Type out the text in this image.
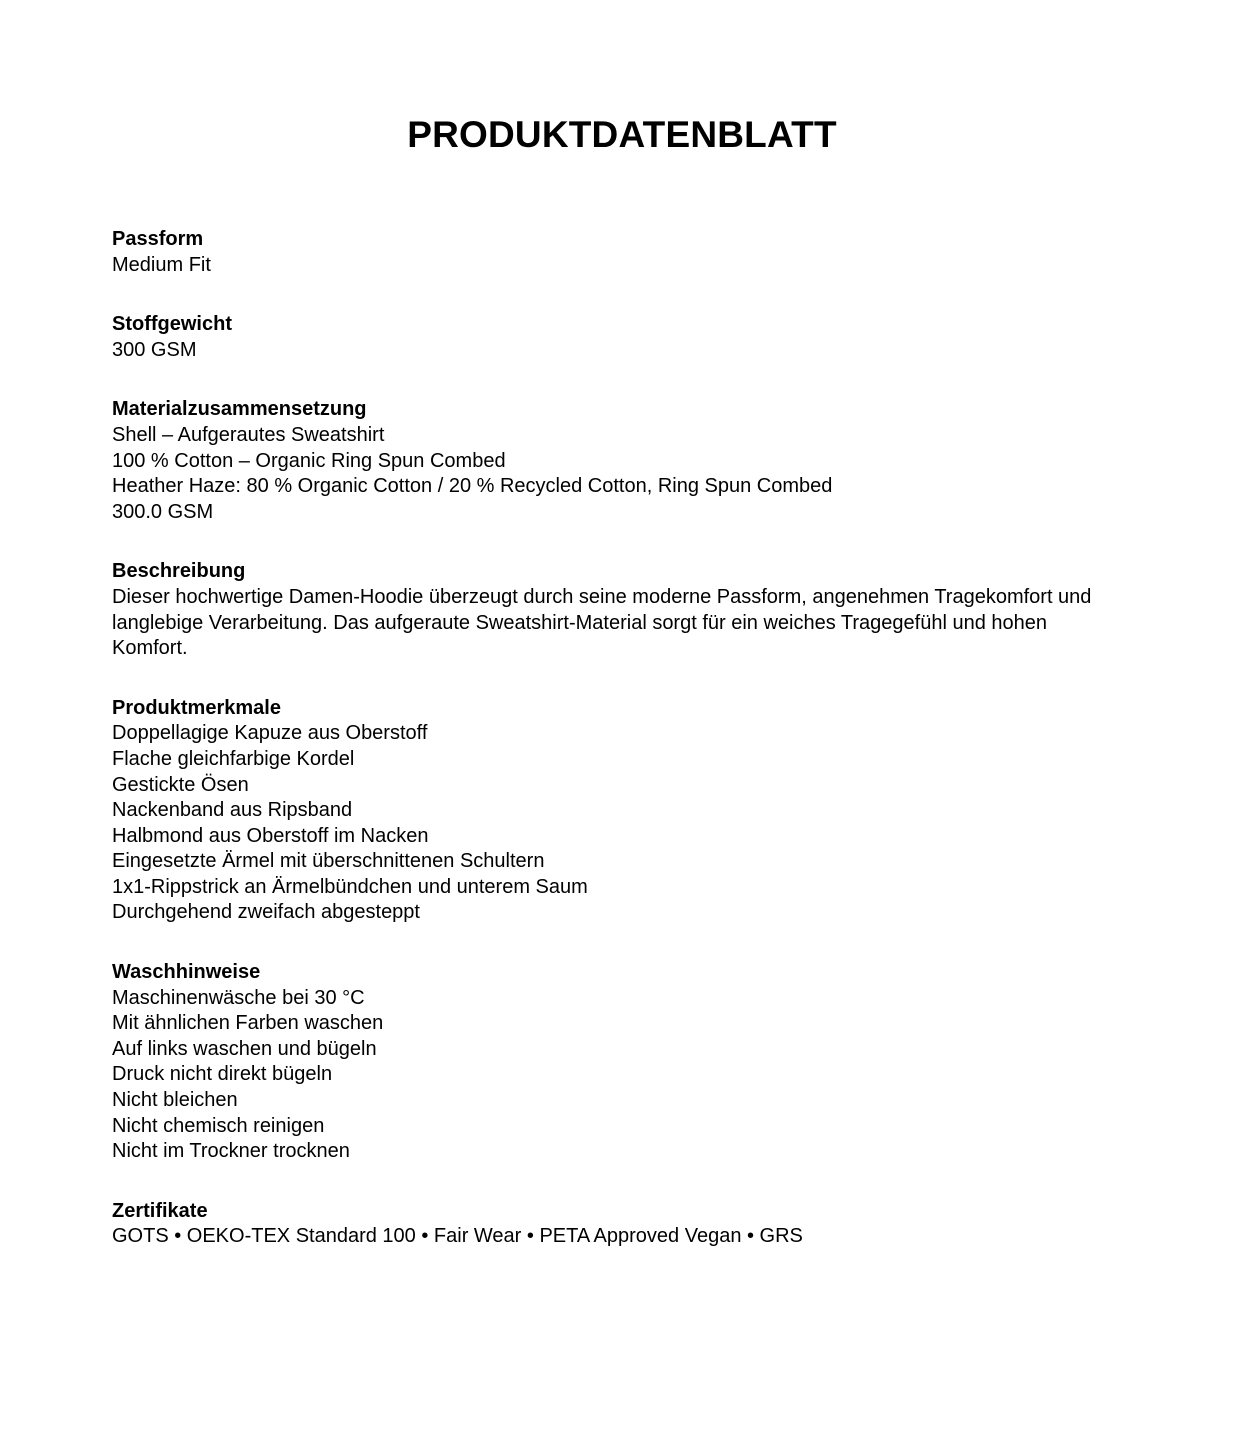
PRODUKTDATENBLATT

Passform

Medium Fit

Stoffgewicht

300 GSM

Materialzusammensetzung

Shell – Aufgerautes Sweatshirt

100 % Cotton – Organic Ring Spun Combed

Heather Haze: 80 % Organic Cotton / 20 % Recycled Cotton, Ring Spun Combed

300.0 GSM

Beschreibung

Dieser hochwertige Damen-Hoodie überzeugt durch seine moderne Passform, angenehmen Tragekomfort und langlebige Verarbeitung. Das aufgeraute Sweatshirt-Material sorgt für ein weiches Tragegefühl und hohen Komfort.

Produktmerkmale

Doppellagige Kapuze aus Oberstoff

Flache gleichfarbige Kordel

Gestickte Ösen

Nackenband aus Ripsband

Halbmond aus Oberstoff im Nacken

Eingesetzte Ärmel mit überschnittenen Schultern

1x1-Rippstrick an Ärmelbündchen und unterem Saum

Durchgehend zweifach abgesteppt

Waschhinweise

Maschinenwäsche bei 30 °C

Mit ähnlichen Farben waschen

Auf links waschen und bügeln

Druck nicht direkt bügeln

Nicht bleichen

Nicht chemisch reinigen

Nicht im Trockner trocknen

Zertifikate

GOTS • OEKO-TEX Standard 100 • Fair Wear • PETA Approved Vegan • GRS
